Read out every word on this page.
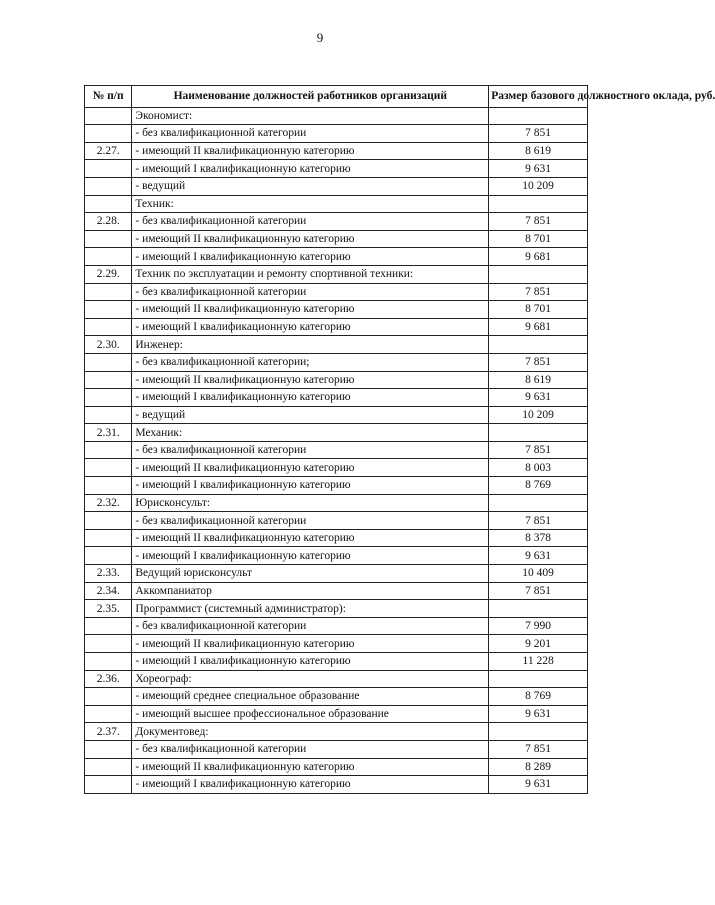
9
№ п/п	Наименование должностей работников организаций	Размер базового должностного оклада, руб.
	Экономист:	
	- без квалификационной категории	7 851
2.27.	- имеющий II квалификационную категорию	8 619
	- имеющий I квалификационную категорию	9 631
	- ведущий	10 209
	Техник:	
2.28.	- без квалификационной категории	7 851
	- имеющий II квалификационную категорию	8 701
	- имеющий I квалификационную категорию	9 681
2.29.	Техник по эксплуатации и ремонту спортивной техники:	
	- без квалификационной категории	7 851
	- имеющий II квалификационную категорию	8 701
	- имеющий I квалификационную категорию	9 681
2.30.	Инженер:	
	- без квалификационной категории;	7 851
	- имеющий II квалификационную категорию	8 619
	- имеющий I квалификационную категорию	9 631
	- ведущий	10 209
2.31.	Механик:	
	- без квалификационной категории	7 851
	- имеющий II квалификационную категорию	8 003
	- имеющий I квалификационную категорию	8 769
2.32.	Юрисконсульт:	
	- без квалификационной категории	7 851
	- имеющий II квалификационную категорию	8 378
	- имеющий I квалификационную категорию	9 631
2.33.	Ведущий юрисконсульт	10 409
2.34.	Аккомпаниатор	7 851
2.35.	Программист (системный администратор):	
	- без квалификационной категории	7 990
	- имеющий II квалификационную категорию	9 201
	- имеющий I квалификационную категорию	11 228
2.36.	Хореограф:	
	- имеющий среднее специальное образование	8 769
	- имеющий высшее профессиональное образование	9 631
2.37.	Документовед:	
	- без квалификационной категории	7 851
	- имеющий II квалификационную категорию	8 289
	- имеющий I квалификационную категорию	9 631
